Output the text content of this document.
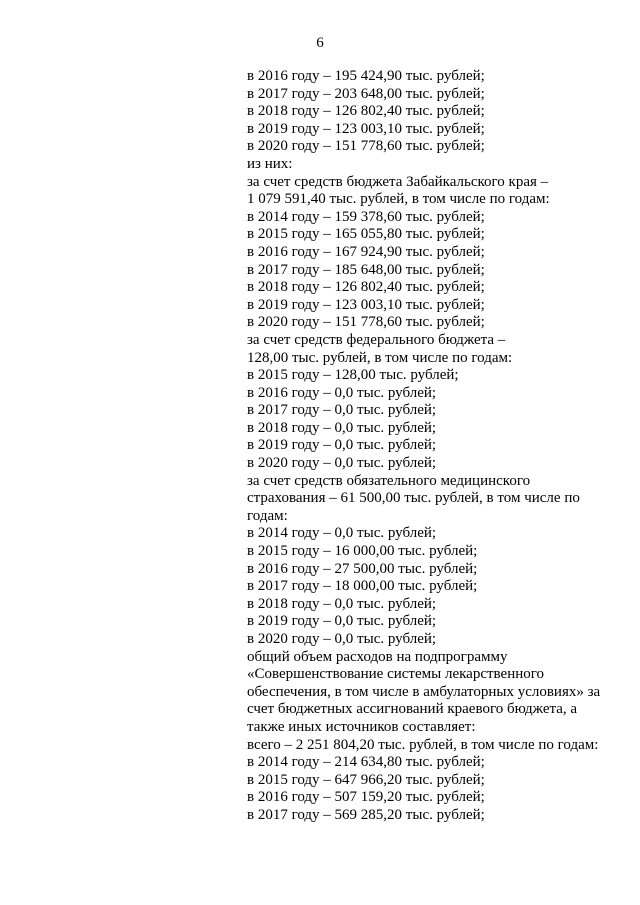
6
в 2016 году – 195 424,90 тыс. рублей;
в 2017 году – 203 648,00 тыс. рублей;
в 2018 году – 126 802,40 тыс. рублей;
в 2019 году – 123 003,10 тыс. рублей;
в 2020 году – 151 778,60 тыс. рублей;
из них:
за счет средств бюджета Забайкальского края –
1 079 591,40 тыс. рублей, в том числе по годам:
в 2014 году – 159 378,60 тыс. рублей;
в 2015 году – 165 055,80 тыс. рублей;
в 2016 году – 167 924,90 тыс. рублей;
в 2017 году – 185 648,00 тыс. рублей;
в 2018 году – 126 802,40 тыс. рублей;
в 2019 году – 123 003,10 тыс. рублей;
в 2020 году – 151 778,60 тыс. рублей;
за счет средств федерального бюджета –
128,00 тыс. рублей, в том числе по годам:
в 2015 году – 128,00 тыс. рублей;
в 2016 году – 0,0 тыс. рублей;
в 2017 году – 0,0 тыс. рублей;
в 2018 году – 0,0 тыс. рублей;
в 2019 году – 0,0 тыс. рублей;
в 2020 году – 0,0 тыс. рублей;
за счет средств обязательного медицинского
страхования – 61 500,00 тыс. рублей, в том числе по
годам:
в 2014 году – 0,0 тыс. рублей;
в 2015 году – 16 000,00 тыс. рублей;
в 2016 году – 27 500,00 тыс. рублей;
в 2017 году – 18 000,00 тыс. рублей;
в 2018 году – 0,0 тыс. рублей;
в 2019 году – 0,0 тыс. рублей;
в 2020 году – 0,0 тыс. рублей;
общий объем расходов на подпрограмму
«Совершенствование системы лекарственного
обеспечения, в том числе в амбулаторных условиях» за
счет бюджетных ассигнований краевого бюджета, а
также иных источников составляет:
всего – 2 251 804,20 тыс. рублей, в том числе по годам:
в 2014 году – 214 634,80 тыс. рублей;
в 2015 году – 647 966,20 тыс. рублей;
в 2016 году – 507 159,20 тыс. рублей;
в 2017 году – 569 285,20 тыс. рублей;
